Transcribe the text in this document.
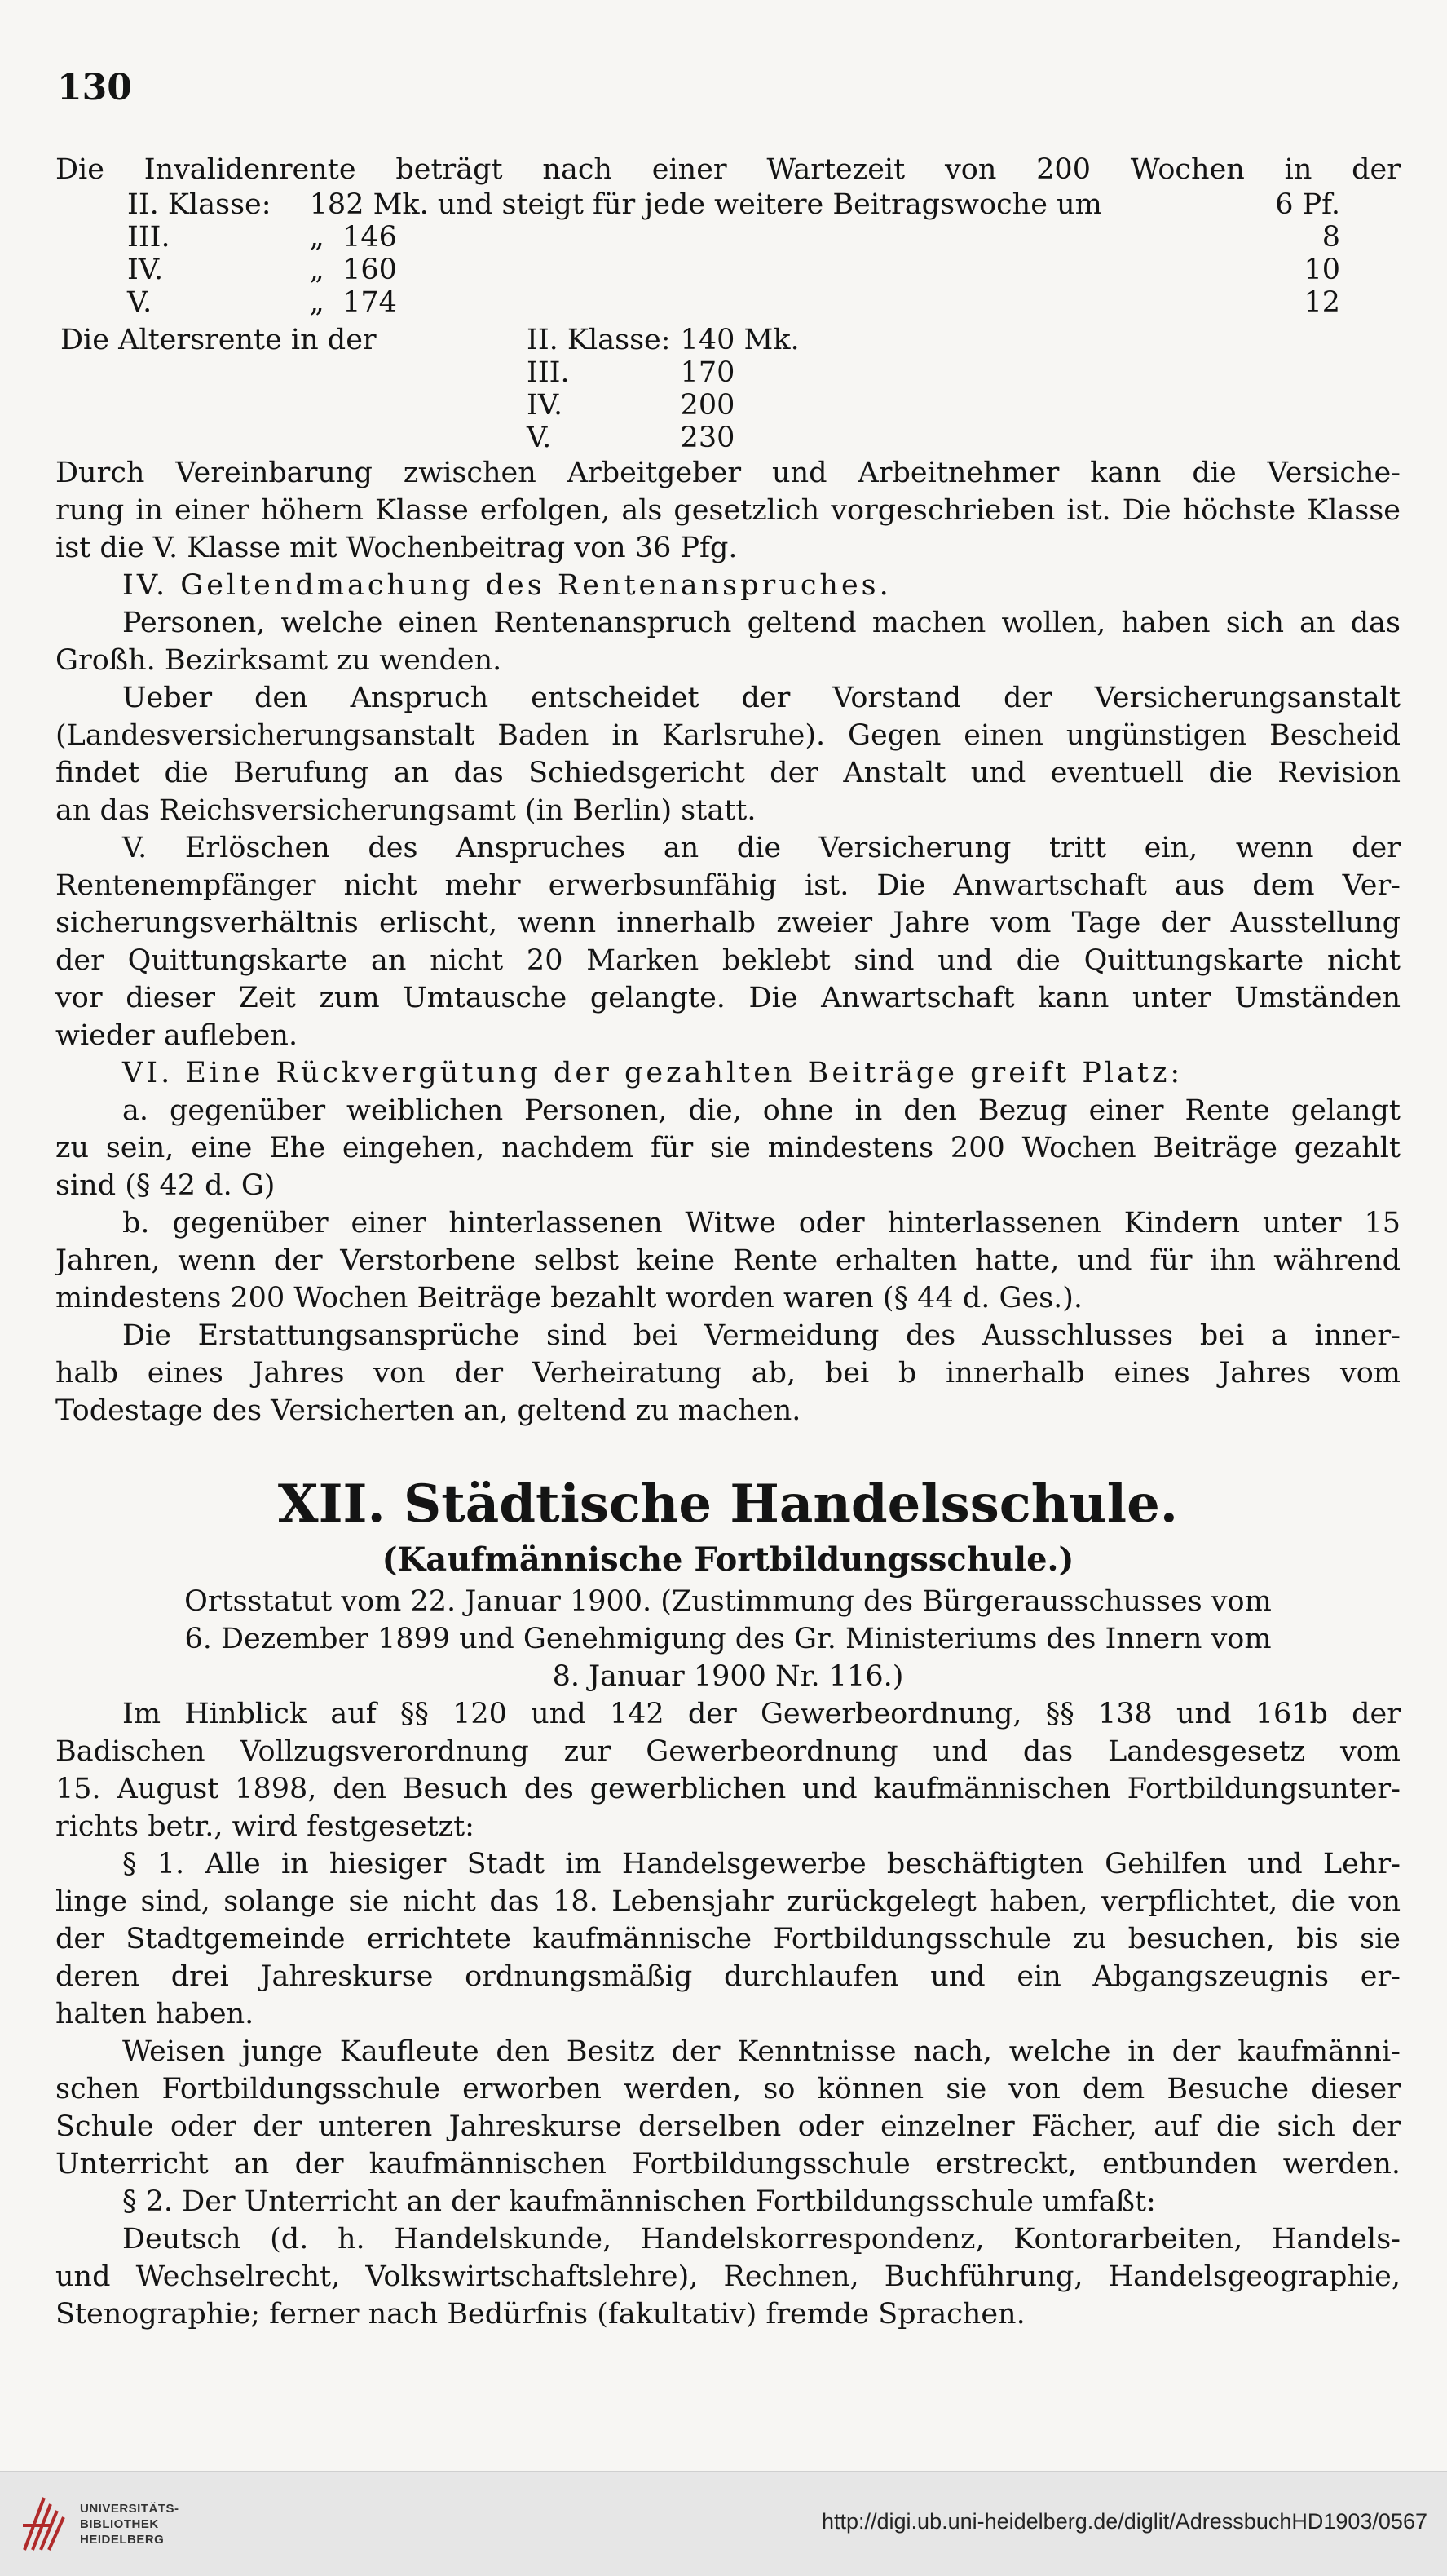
130
Die Invalidenrente beträgt nach einer Wartezeit von 200 Wochen in der
II. Klasse:	182 Mk. und steigt für jede weitere Beitragswoche um	6 Pf.
III.	„ 146	8
IV.	„ 160	10
V.	„ 174	12
Die Altersrente in der	II. Klasse:	140 Mk.
	III.	170
	IV.	200
	V.	230
Durch Vereinbarung zwischen Arbeitgeber und Arbeitnehmer kann die Versiche-
rung in einer höhern Klasse erfolgen, als gesetzlich vorgeschrieben ist. Die höchste Klasse
ist die V. Klasse mit Wochenbeitrag von 36 Pfg.
IV. Geltendmachung des Rentenanspruches.
Personen, welche einen Rentenanspruch geltend machen wollen, haben sich an das
Großh. Bezirksamt zu wenden.
Ueber den Anspruch entscheidet der Vorstand der Versicherungsanstalt
(Landesversicherungsanstalt Baden in Karlsruhe). Gegen einen ungünstigen Bescheid
findet die Berufung an das Schiedsgericht der Anstalt und eventuell die Revision
an das Reichsversicherungsamt (in Berlin) statt.
V. Erlöschen des Anspruches an die Versicherung tritt ein, wenn der
Rentenempfänger nicht mehr erwerbsunfähig ist. Die Anwartschaft aus dem Ver-
sicherungsverhältnis erlischt, wenn innerhalb zweier Jahre vom Tage der Ausstellung
der Quittungskarte an nicht 20 Marken beklebt sind und die Quittungskarte nicht
vor dieser Zeit zum Umtausche gelangte. Die Anwartschaft kann unter Umständen
wieder aufleben.
VI. Eine Rückvergütung der gezahlten Beiträge greift Platz:
a. gegenüber weiblichen Personen, die, ohne in den Bezug einer Rente gelangt
zu sein, eine Ehe eingehen, nachdem für sie mindestens 200 Wochen Beiträge gezahlt
sind (§ 42 d. G)
b. gegenüber einer hinterlassenen Witwe oder hinterlassenen Kindern unter 15
Jahren, wenn der Verstorbene selbst keine Rente erhalten hatte, und für ihn während
mindestens 200 Wochen Beiträge bezahlt worden waren (§ 44 d. Ges.).
Die Erstattungsansprüche sind bei Vermeidung des Ausschlusses bei a inner-
halb eines Jahres von der Verheiratung ab, bei b innerhalb eines Jahres vom
Todestage des Versicherten an, geltend zu machen.
XII. Städtische Handelsschule.
(Kaufmännische Fortbildungsschule.)
Ortsstatut vom 22. Januar 1900. (Zustimmung des Bürgerausschusses vom
6. Dezember 1899 und Genehmigung des Gr. Ministeriums des Innern vom
8. Januar 1900 Nr. 116.)
Im Hinblick auf §§ 120 und 142 der Gewerbeordnung, §§ 138 und 161b der
Badischen Vollzugsverordnung zur Gewerbeordnung und das Landesgesetz vom
15. August 1898, den Besuch des gewerblichen und kaufmännischen Fortbildungsunter-
richts betr., wird festgesetzt:
§ 1. Alle in hiesiger Stadt im Handelsgewerbe beschäftigten Gehilfen und Lehr-
linge sind, solange sie nicht das 18. Lebensjahr zurückgelegt haben, verpflichtet, die von
der Stadtgemeinde errichtete kaufmännische Fortbildungsschule zu besuchen, bis sie
deren drei Jahreskurse ordnungsmäßig durchlaufen und ein Abgangszeugnis er-
halten haben.
Weisen junge Kaufleute den Besitz der Kenntnisse nach, welche in der kaufmänni-
schen Fortbildungsschule erworben werden, so können sie von dem Besuche dieser
Schule oder der unteren Jahreskurse derselben oder einzelner Fächer, auf die sich der
Unterricht an der kaufmännischen Fortbildungsschule erstreckt, entbunden werden.
§ 2. Der Unterricht an der kaufmännischen Fortbildungsschule umfaßt:
Deutsch (d. h. Handelskunde, Handelskorrespondenz, Kontorarbeiten, Handels-
und Wechselrecht, Volkswirtschaftslehre), Rechnen, Buchführung, Handelsgeographie,
Stenographie; ferner nach Bedürfnis (fakultativ) fremde Sprachen.
UNIVERSITÄTS-
BIBLIOTHEK
HEIDELBERG
http://digi.ub.uni-heidelberg.de/diglit/AdressbuchHD1903/0567
